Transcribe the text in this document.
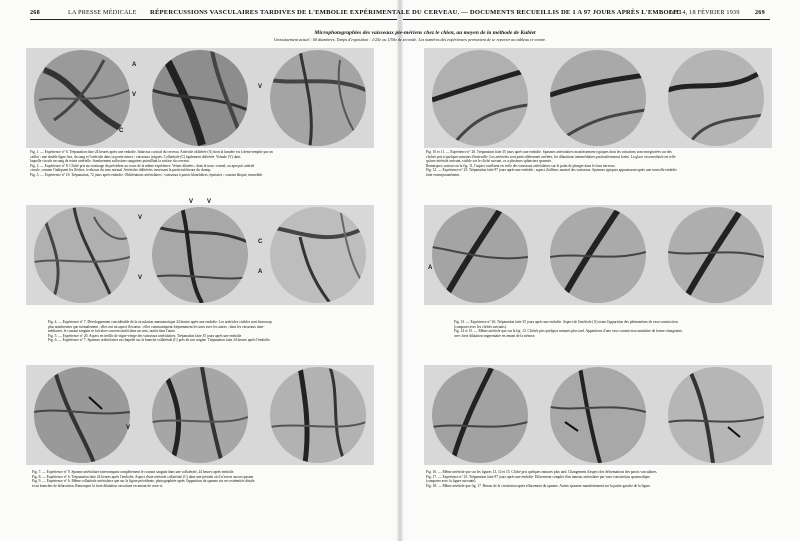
268	LA PRESSE MÉDICALE
A
V
C
V
Fig. 1. — Expérience n° 6. Trépanation faite 24 heures après une embolie. Infarctus cortical du cerveau. Artériole oblitérée (A) dont la lumière est à demi-remplie par un
caillot ; une double ligne fixe, du sang et l'artériole dans sa partie mince ; vaisseaux irrigués. Collatérale (C) également oblitérée. Veinule (V) dans
laquelle circule un sang de teinte artérielle. Sombrement suffusions sanguines pointillant la surface du cerveau.
Fig. 2. — Expérience n° 8. Cliché pris au voisinage du précédent au cours de la même expérience. Veines dilatées ; dans le tronc central, on aperçoit artériel
circule, comme l'indiquent les flèches, à rebours du sens normal. Artérioles oblitérées traversant la partie inférieure du champ.
Fig. 3. — Expérience n° 10. Trépanation, 72 jours après embolie. Oblitérations artériolaires ; vaisseaux à parois blanchâtres, épaissies ; courant bloqué, immobile.
V
V
V V
C
A
Fig. 4. — Expérience n° 7. Développement considérable de la circulation anastomotique 24 heures après une embolie. Les artérioles visibles sont beaucoup
plus nombreuses que normalement ; elles ont un aspect flexueux ; elles communiquent fréquemment les unes avec les autres ; dans les vaisseaux inter-
médiaires, le courant sanguin se fait alors souvent tantôt dans un sens, tantôt dans l'autre.
Fig. 5. — Expérience n° 20. Aspect en treillis de vigne-vierge des vaisseaux artériolaires. Trépanation faite 35 jours après une embolie.
Fig. 6. — Expérience n° 7. Spasmes artériolaires en chapelet sur la branche collatérale (C) près de son origine. Trépanation faite 24 heures après l'embolie.
V
Fig. 7. — Expérience n° 9. Spasme artériolaire interrompant complètement le courant sanguin dans une collatérale, 24 heures après embolie.
Fig. 8. — Expérience n° 6. Trépanation faite 24 heures après l'embolie. Aspect d'une artériole collatérale (C) dans une période où il n'existe aucun spasme.
Fig. 9. — Expérience n° 6. Même collatérale artériolaire que sur la figure précédente, photographiée après l'apparition du spasme sur ses extrémités distale
et au branches de bifurcation. Remarquer la forte dilatation vasculaire en amont de ceux-ci.
N° 14, 18 FÉVRIER 1939 269
Fig. 10 et 11. — Expérience n° 20. Trépanation faite 35 jours après une embolie. Spasmes artériolaires manifestement typiques dont les variations sont enregistrées sur des
clichés pris à quelques minutes d'intervalle. Les artérioles sont particulièrement arrêtées, les dilatations intermédiaires particulièrement fortes. La glace circonvolutée est telle
qu'une artériole arrivant, visible sur le cliché suivant, ce a plusieurs sphincters spasmés.
Remarquer, surtout sur la fig. 11, l'aspect confluent en voile des vaisseaux artériolaires sur le point de plonger dans le tissu nerveux.
Fig. 12. — Expérience n° 25. Trépanation faite 97 jours après une embolie ; aspect d'ailleurs normal des vaisseaux. Spasmes typiques apparaissant après une nouvelle embolie
faite extemporanément.
A
Fig. 13. — Expérience n° 26. Trépanation faite 35 jours après une embolie. Aspect de l'artériole (A) avant l'apparition des phénomènes de vaso-constriction
(comparer avec les clichés suivants).
Fig. 14 et 15. — Même artériole que sur la fig. 13. Clichés pris quelques minutes plus tard. Apparitions d'une vaso-constriction annulaire de forme changeante,
avec forte dilatation segmentaire en amont de la sténose.
Fig. 16. — Même artériole que sur les figures 13, 14 et 15. Cliché pris quelques minutes plus tard. Changement d'aspect des déformations des parois vasculaires.
Fig. 17. — Expérience n° 25. Trépanation faite 97 jours après une embolie. Effacement complet d'un rameau artériolaire par vaso-constriction spasmodique
(comparer avec la figure suivante).
Fig. 18. — Même artériole que fig. 17. Retour de la circulation après effacement du spasme. Autres spasmes manifestement sur la partie gauche de la figure.
RÉPERCUSSIONS VASCULAIRES TARDIVES DE L'EMBOLIE EXPÉRIMENTALE DU CERVEAU. — DOCUMENTS RECUEILLIS DE 1 A 97 JOURS APRÈS L'EMBOLIE
Microphotographies des vaisseaux pie-mériens chez le chien, au moyen de la méthode de Kubiet
Grossissement actuel : 60 diamètres. Temps d'exposition : 1/25e ou 1/50e de seconde. Les numéros des expériences permettent de se reporter au tableau ci-contre.
